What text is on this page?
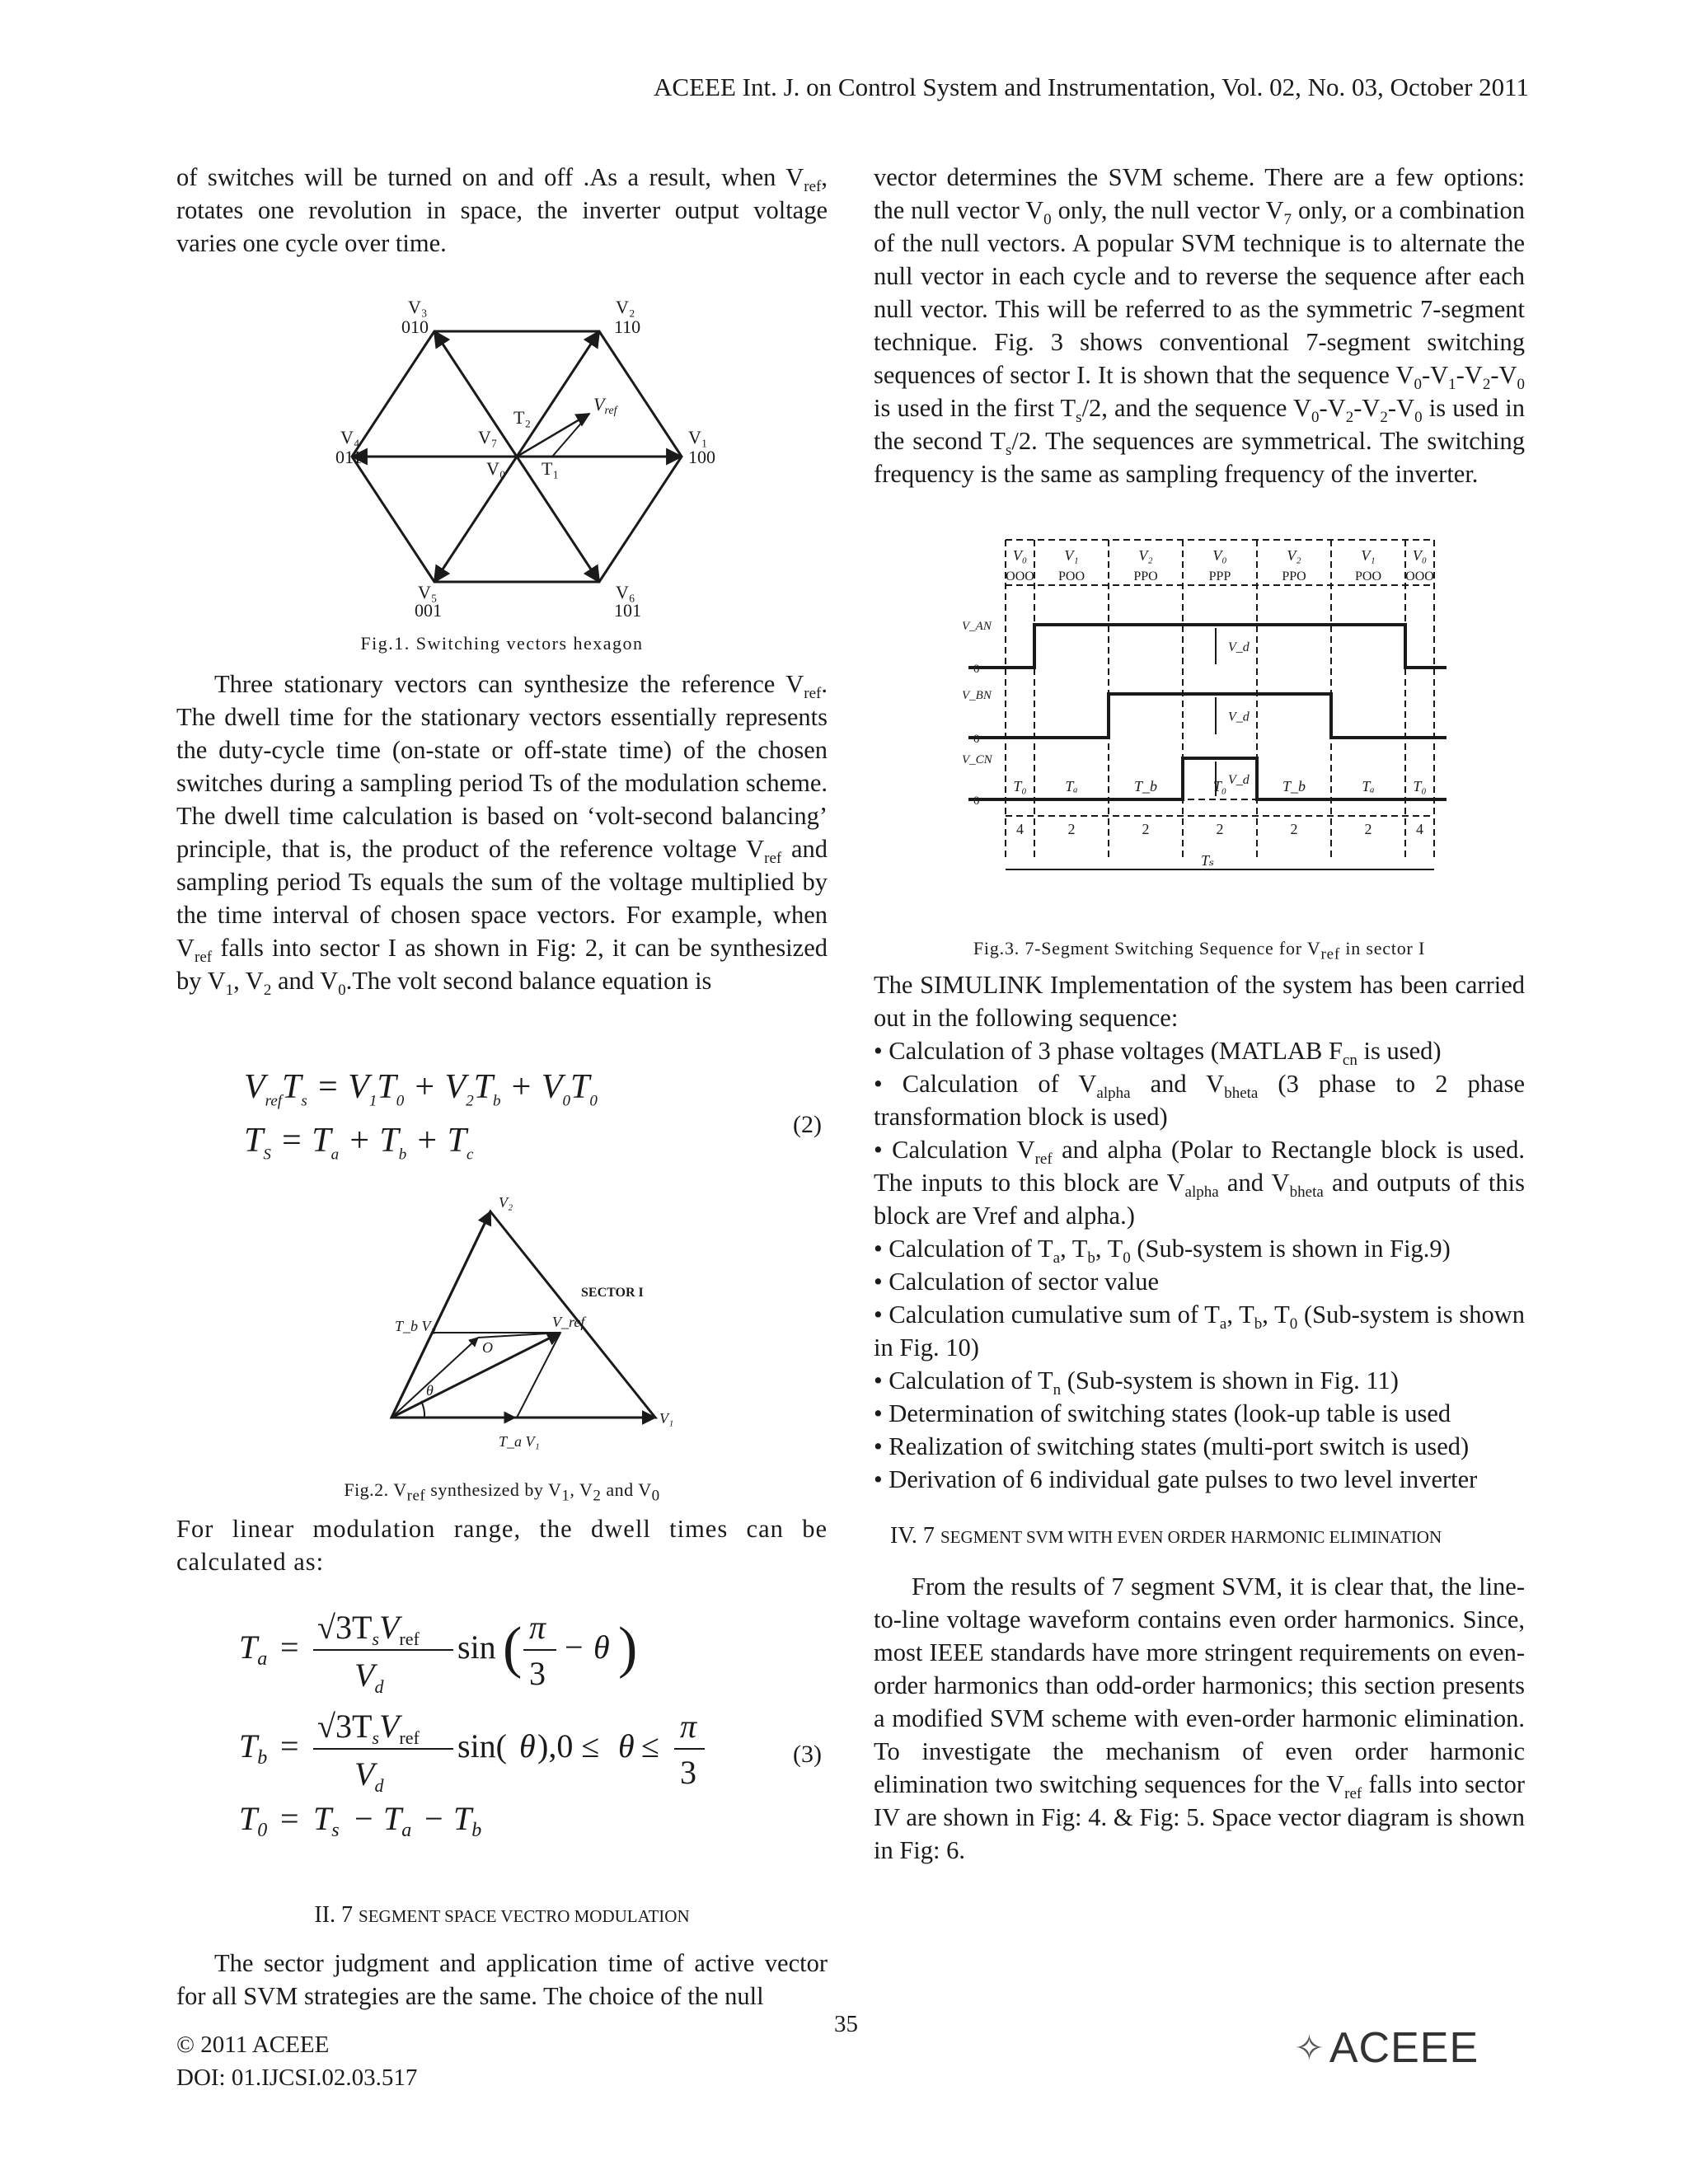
ACEEE Int. J. on Control System and Instrumentation, Vol. 02, No. 03, October 2011

of switches will be turned on and off .As a result, when $V_{ref}$, rotates one revolution in space, the inverter output voltage varies one cycle over time.

V₃
010
V₂
110
V₄
011
V₁
100
V₅
001
V₆
101
V₇
V₀
T₂
T₁
Vref
Fig.1. Switching vectors hexagon

Three stationary vectors can synthesize the reference $V_{ref}$. The dwell time for the stationary vectors essentially represents the duty-cycle time (on-state or off-state time) of the chosen switches during a sampling period Ts of the modulation scheme. The dwell time calculation is based on ‘volt-second balancing’ principle, that is, the product of the reference voltage $V_{ref}$ and sampling period Ts equals the sum of the voltage multiplied by the time interval of chosen space vectors. For example, when $V_{ref}$ falls into sector I as shown in Fig: 2, it can be synthesized by $V_1$, $V_2$ and $V_0.The$ volt second balance equation is

$V_{ref}T_s = V_1T_0 + V_2T_b + V_0T_0$
$T_S = T_a + T_b + T_c$
(2)
V₂
SECTOR I
T_b V₂
O
V_ref
θ
V₁
T_a V₁
Fig.2. $V_{ref}$ synthesized by $V_1$, $V_2$ and $V_0$
For linear modulation range, the dwell times can be calculated as:
$T_a$ =
$√3T_sV_{ref}$
$V_d$
sin ( π
3
− θ )
$T_b$ =
$√3T_sV_{ref}$
$V_d$
sin( θ ),0 ≤ θ ≤
π
3
$T_0 = T_s - T_a - T_b$
(3)
II. 7 SEGMENT SPACE VECTRO MODULATION

The sector judgment and application time of active vector for all SVM strategies are the same. The choice of the null

vector determines the SVM scheme. There are a few options: the null vector $V_0$ only, the null vector $V_7$ only, or a combination of the null vectors. A popular SVM technique is to alternate the null vector in each cycle and to reverse the sequence after each null vector. This will be referred to as the symmetric 7-segment technique. Fig. 3 shows conventional 7-segment switching sequences of sector I. It is shown that the sequence $V_0-V_1-V_2-V_0$ is used in the first $T_s/2$, and the sequence $V_0-V_2-V_2-V_0$ is used in the second $T_s/2$. The sequences are symmetrical. The switching frequency is the same as sampling frequency of the inverter.

V₀
OOO
T₀
4
V₁
POO
Tₐ
2
V₂
PPO
T_b
2
V₀
PPP
T₀
2
V₂
PPO
T_b
2
V₁
POO
Tₐ
2
V₀
OOO
T₀
4
V_AN
0
V_d
V_BN
0
V_d
V_CN
0
V_d
Tₛ
Fig.3. 7-Segment Switching Sequence for $V_{ref}$ in sector I
The SIMULINK Implementation of the system has been carried out in the following sequence:
• Calculation of 3 phase voltages (MATLAB $F_{cn}$ is used)
• Calculation of $V_{alpha}$ and $V_{bheta}$ (3 phase to 2 phase transformation block is used)
• Calculation $V_{ref}$ and alpha (Polar to Rectangle block is used. The inputs to this block are $V_{alpha}$ and $V_{bheta}$ and outputs of this block are Vref and alpha.)
• Calculation of $T_a$, $T_b$, $T_0$ (Sub-system is shown in Fig.9)
• Calculation of sector value
• Calculation cumulative sum of $T_a$, $T_b$, $T_0$ (Sub-system is shown in Fig. 10)
• Calculation of $T_n$ (Sub-system is shown in Fig. 11)
• Determination of switching states (look-up table is used
• Realization of switching states (multi-port switch is used)
• Derivation of 6 individual gate pulses to two level inverter
IV. 7 SEGMENT SVM WITH EVEN ORDER HARMONIC ELIMINATION

From the results of 7 segment SVM, it is clear that, the line-to-line voltage waveform contains even order harmonics. Since, most IEEE standards have more stringent requirements on even-order harmonics than odd-order harmonics; this section presents a modified SVM scheme with even-order harmonic elimination. To investigate the mechanism of even order harmonic elimination two switching sequences for the $V_{ref}$ falls into sector IV are shown in Fig: 4. & Fig: 5. Space vector diagram is shown in Fig: 6.

© 2011 ACEEE
DOI: 01.IJCSI.02.03.517
35
✧ ACEEE
